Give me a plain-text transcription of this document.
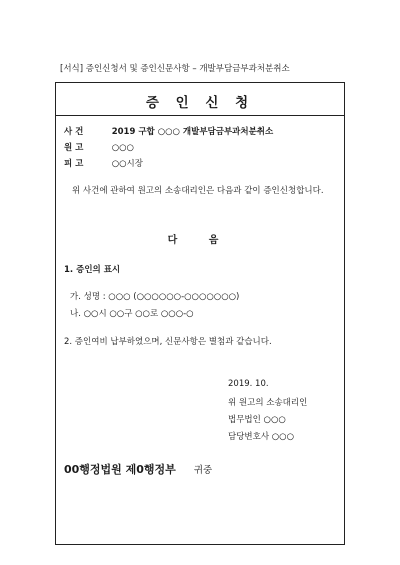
[서식] 증인신청서 및 증인신문사항 – 개발부담금부과처분취소
증 인 신 청
사 건	2019 구합 ○○○ 개발부담금부과처분취소
원 고	○○○
피 고	○○시장
위 사건에 관하여 원고의 소송대리인은 다음과 같이 증인신청합니다.
다 음
1. 증인의 표시
가. 성명 : ○○○ (○○○○○○-○○○○○○○)
나. ○○시 ○○구 ○○로 ○○○-○
2. 증인여비 납부하였으며, 신문사항은 별첨과 같습니다.
2019. 10.
위 원고의 소송대리인
법무법인 ○○○
담당변호사 ○○○
00행정법원 제0행정부 귀중
